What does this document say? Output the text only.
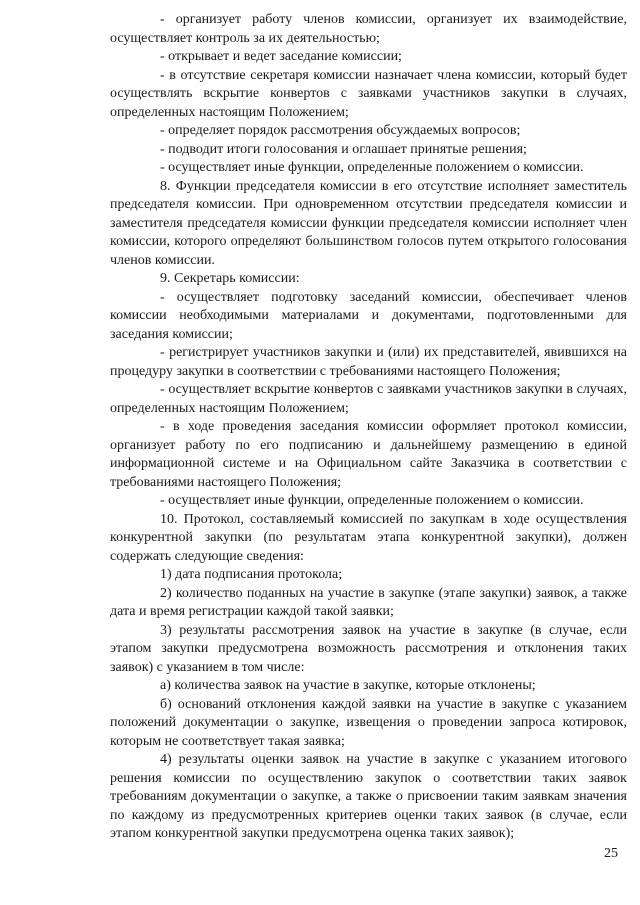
- организует работу членов комиссии, организует их взаимодействие, осуществляет контроль за их деятельностью;

- открывает и ведет заседание комиссии;

- в отсутствие секретаря комиссии назначает члена комиссии, который будет осуществлять вскрытие конвертов с заявками участников закупки в случаях, определенных настоящим Положением;

- определяет порядок рассмотрения обсуждаемых вопросов;

- подводит итоги голосования и оглашает принятые решения;

- осуществляет иные функции, определенные положением о комиссии.

8. Функции председателя комиссии в его отсутствие исполняет заместитель председателя комиссии. При одновременном отсутствии председателя комиссии и заместителя председателя комиссии функции председателя комиссии исполняет член комиссии, которого определяют большинством голосов путем открытого голосования членов комиссии.

9. Секретарь комиссии:

- осуществляет подготовку заседаний комиссии, обеспечивает членов комиссии необходимыми материалами и документами, подготовленными для заседания комиссии;

- регистрирует участников закупки и (или) их представителей, явившихся на процедуру закупки в соответствии с требованиями настоящего Положения;

- осуществляет вскрытие конвертов с заявками участников закупки в случаях, определенных настоящим Положением;

- в ходе проведения заседания комиссии оформляет протокол комиссии, организует работу по его подписанию и дальнейшему размещению в единой информационной системе и на Официальном сайте Заказчика в соответствии с требованиями настоящего Положения;

- осуществляет иные функции, определенные положением о комиссии.

10. Протокол, составляемый комиссией по закупкам в ходе осуществления конкурентной закупки (по результатам этапа конкурентной закупки), должен содержать следующие сведения:

1) дата подписания протокола;

2) количество поданных на участие в закупке (этапе закупки) заявок, а также дата и время регистрации каждой такой заявки;

3) результаты рассмотрения заявок на участие в закупке (в случае, если этапом закупки предусмотрена возможность рассмотрения и отклонения таких заявок) с указанием в том числе:

а) количества заявок на участие в закупке, которые отклонены;

б) оснований отклонения каждой заявки на участие в закупке с указанием положений документации о закупке, извещения о проведении запроса котировок, которым не соответствует такая заявка;

4) результаты оценки заявок на участие в закупке с указанием итогового решения комиссии по осуществлению закупок о соответствии таких заявок требованиям документации о закупке, а также о присвоении таким заявкам значения по каждому из предусмотренных критериев оценки таких заявок (в случае, если этапом конкурентной закупки предусмотрена оценка таких заявок);

25
